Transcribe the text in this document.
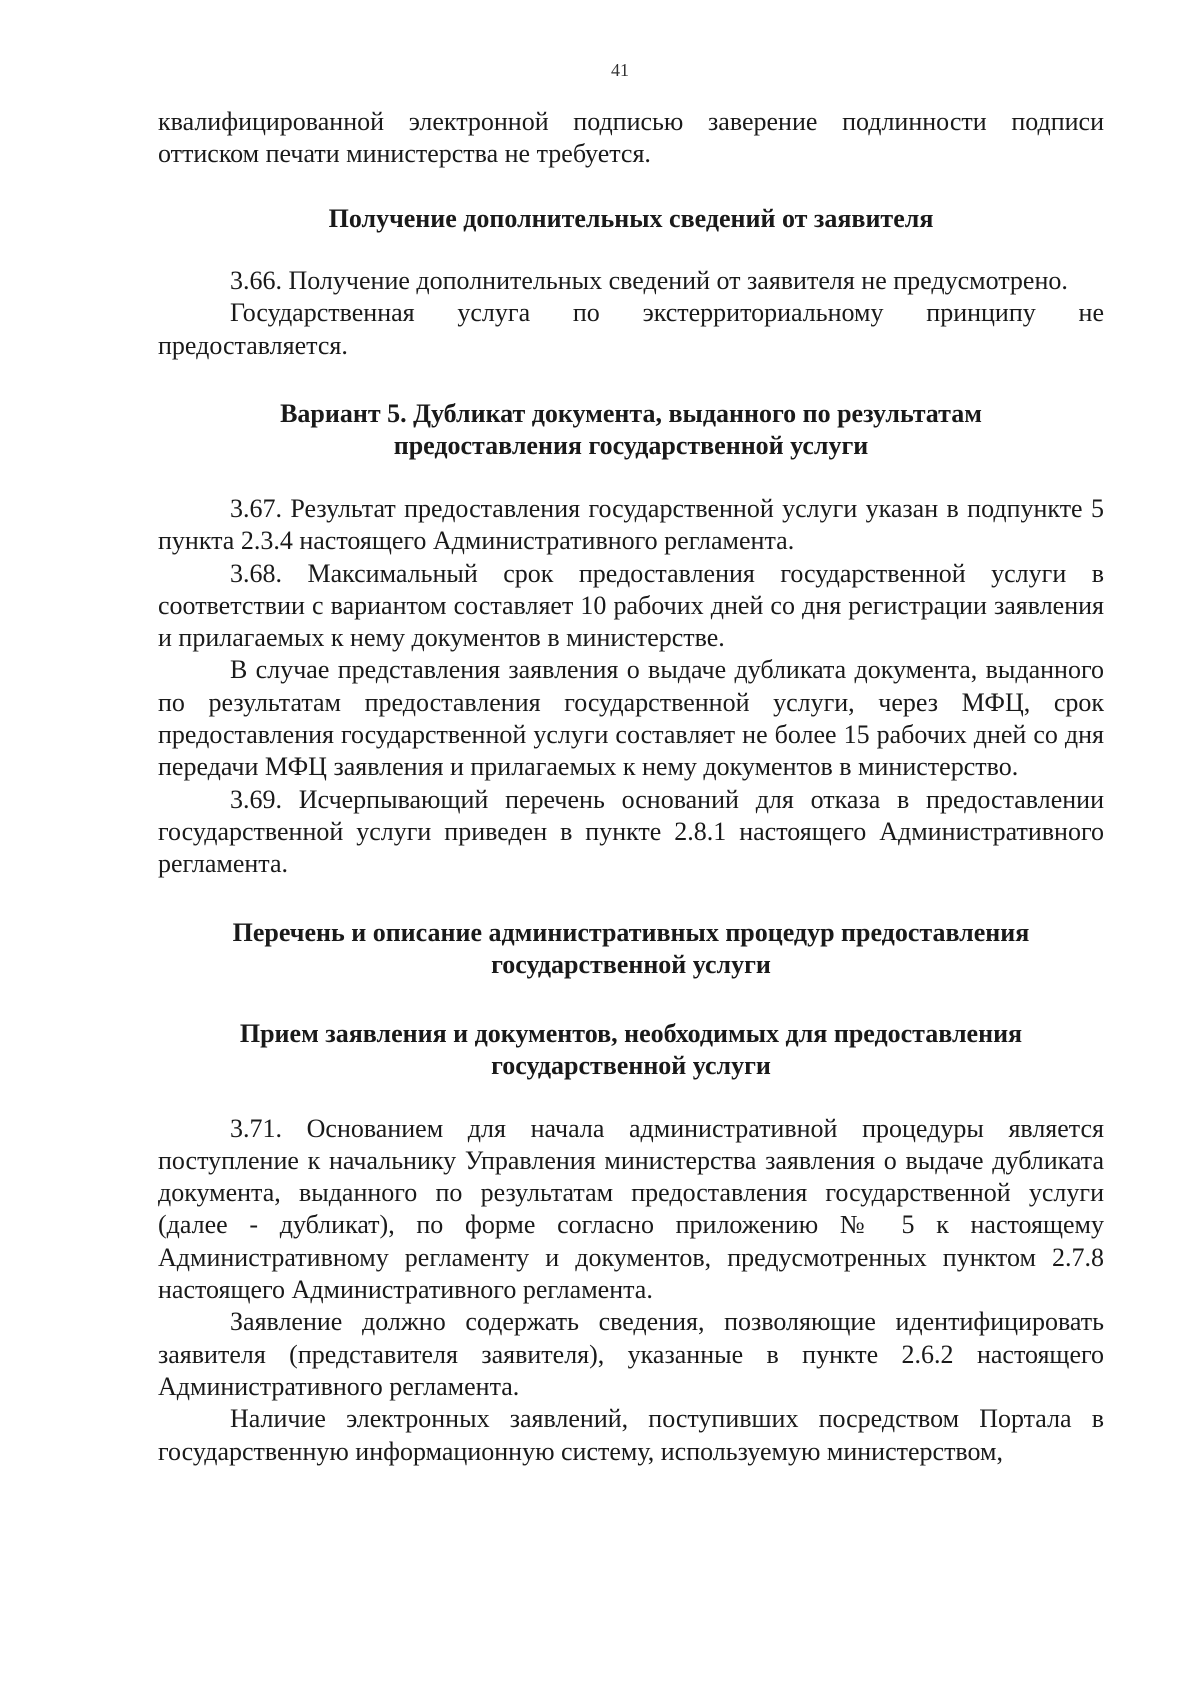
41

квалифицированной электронной подписью заверение подлинности подписи оттиском печати министерства не требуется.

Получение дополнительных сведений от заявителя

3.66. Получение дополнительных сведений от заявителя не предусмотрено.

Государственная услуга по экстерриториальному принципу не предоставляется.

Вариант 5. Дубликат документа, выданного по результатам
предоставления государственной услуги

3.67. Результат предоставления государственной услуги указан в подпункте 5 пункта 2.3.4 настоящего Административного регламента.

3.68. Максимальный срок предоставления государственной услуги в соответствии с вариантом составляет 10 рабочих дней со дня регистрации заявления и прилагаемых к нему документов в министерстве.

В случае представления заявления о выдаче дубликата документа, выданного по результатам предоставления государственной услуги, через МФЦ, срок предоставления государственной услуги составляет не более 15 рабочих дней со дня передачи МФЦ заявления и прилагаемых к нему документов в министерство.

3.69. Исчерпывающий перечень оснований для отказа в предоставлении государственной услуги приведен в пункте 2.8.1 настоящего Административного регламента.

Перечень и описание административных процедур предоставления
государственной услуги
Прием заявления и документов, необходимых для предоставления
государственной услуги

3.71. Основанием для начала административной процедуры является поступление к начальнику Управления министерства заявления о выдаче дубликата документа, выданного по результатам предоставления государственной услуги (далее - дубликат), по форме согласно приложению № 5 к настоящему Административному регламенту и документов, предусмотренных пунктом 2.7.8 настоящего Административного регламента.

Заявление должно содержать сведения, позволяющие идентифицировать заявителя (представителя заявителя), указанные в пункте 2.6.2 настоящего Административного регламента.

Наличие электронных заявлений, поступивших посредством Портала в государственную информационную систему, используемую министерством,
